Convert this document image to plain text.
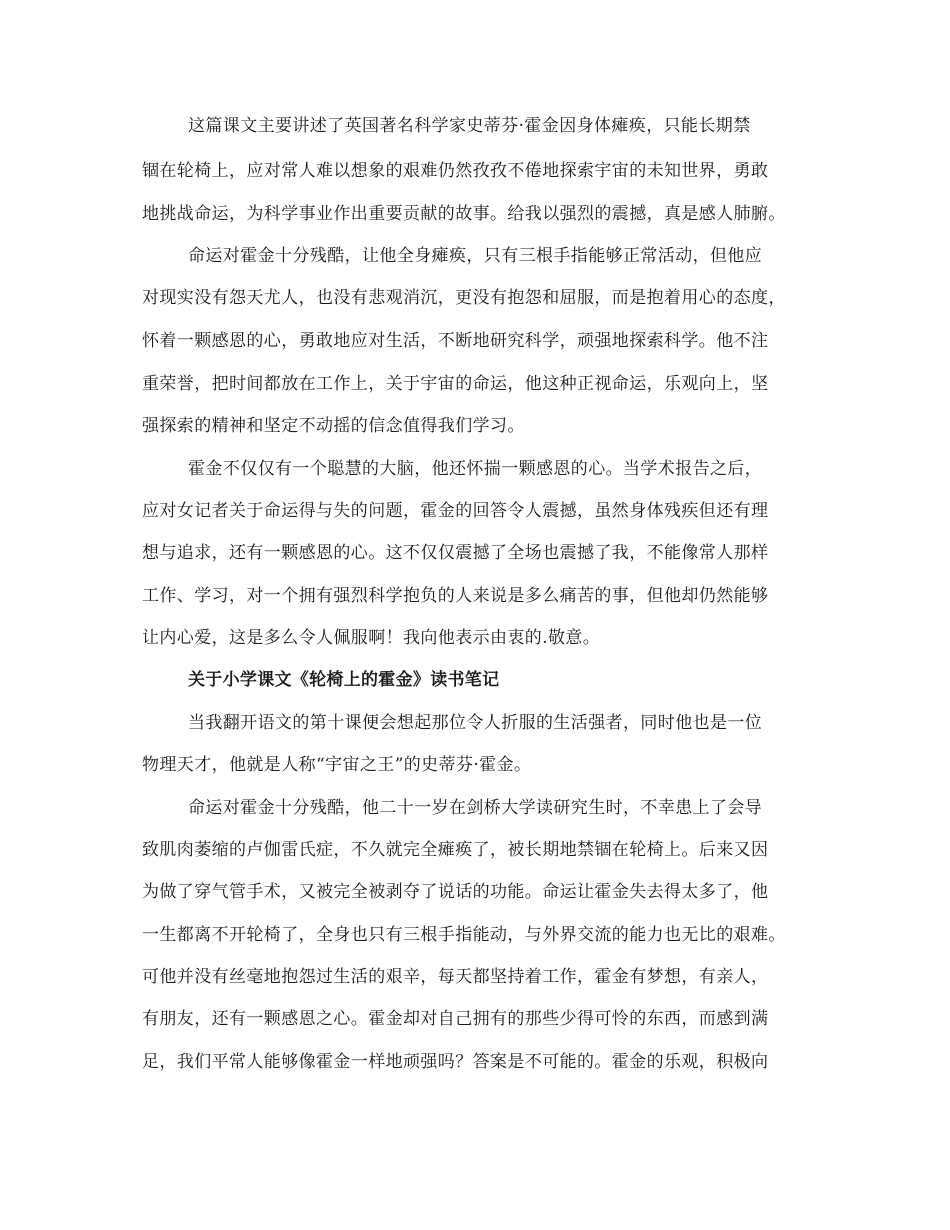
这篇课文主要讲述了英国著名科学家史蒂芬·霍金因身体瘫痪，只能长期禁
锢在轮椅上，应对常人难以想象的艰难仍然孜孜不倦地探索宇宙的未知世界，勇敢
地挑战命运，为科学事业作出重要贡献的故事。给我以强烈的震撼，真是感人肺腑。
命运对霍金十分残酷，让他全身瘫痪，只有三根手指能够正常活动，但他应
对现实没有怨天尤人，也没有悲观消沉，更没有抱怨和屈服，而是抱着用心的态度，
怀着一颗感恩的心，勇敢地应对生活，不断地研究科学，顽强地探索科学。他不注
重荣誉，把时间都放在工作上，关于宇宙的命运，他这种正视命运，乐观向上，坚
强探索的精神和坚定不动摇的信念值得我们学习。
霍金不仅仅有一个聪慧的大脑，他还怀揣一颗感恩的心。当学术报告之后，
应对女记者关于命运得与失的问题，霍金的回答令人震撼，虽然身体残疾但还有理
想与追求，还有一颗感恩的心。这不仅仅震撼了全场也震撼了我，不能像常人那样
工作、学习，对一个拥有强烈科学抱负的人来说是多么痛苦的事，但他却仍然能够
让内心爱，这是多么令人佩服啊！我向他表示由衷的.敬意。
关于小学课文《轮椅上的霍金》读书笔记
当我翻开语文的第十课便会想起那位令人折服的生活强者，同时他也是一位
物理天才，他就是人称“宇宙之王”的史蒂芬·霍金。
命运对霍金十分残酷，他二十一岁在剑桥大学读研究生时，不幸患上了会导
致肌肉萎缩的卢伽雷氏症，不久就完全瘫痪了，被长期地禁锢在轮椅上。后来又因
为做了穿气管手术，又被完全被剥夺了说话的功能。命运让霍金失去得太多了，他
一生都离不开轮椅了，全身也只有三根手指能动，与外界交流的能力也无比的艰难。
可他并没有丝毫地抱怨过生活的艰辛，每天都坚持着工作，霍金有梦想，有亲人，
有朋友，还有一颗感恩之心。霍金却对自己拥有的那些少得可怜的东西，而感到满
足，我们平常人能够像霍金一样地顽强吗？答案是不可能的。霍金的乐观，积极向
